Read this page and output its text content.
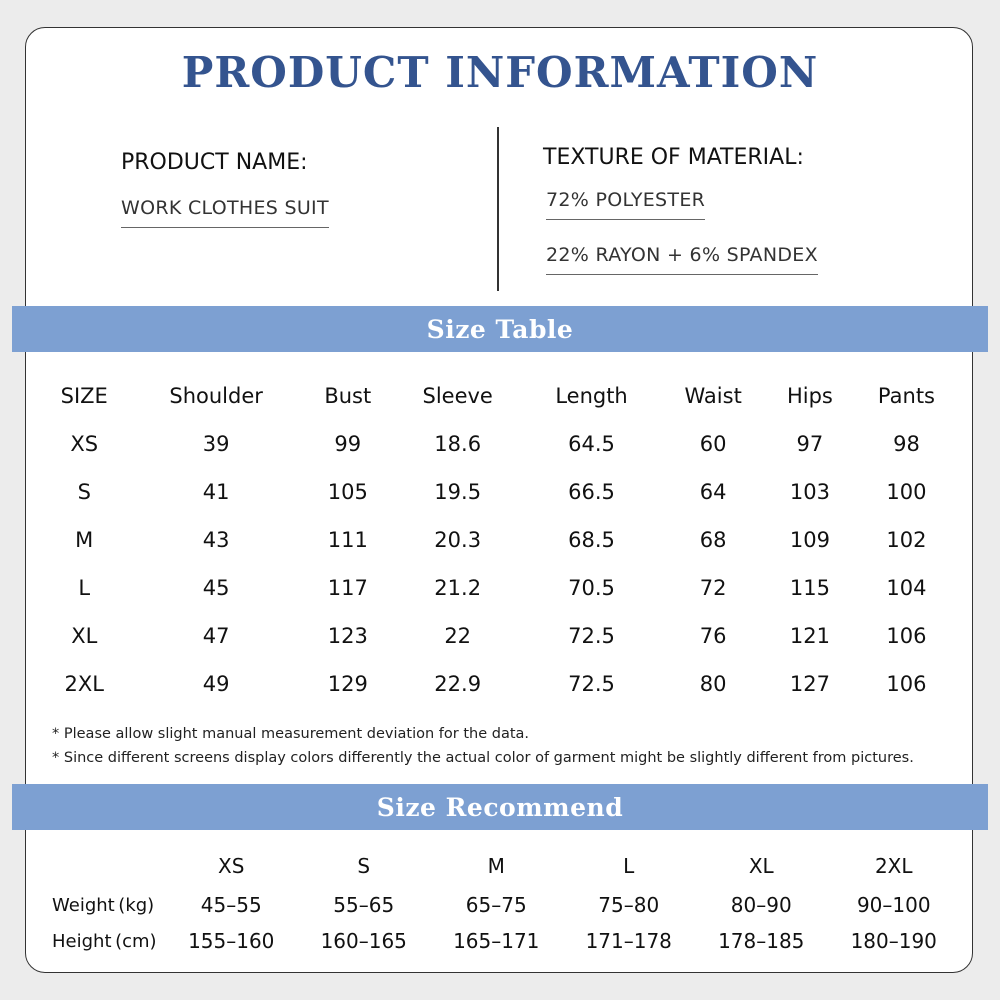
PRODUCT INFORMATION
PRODUCT NAME:
WORK CLOTHES SUIT
TEXTURE OF MATERIAL:
72% POLYESTER
22% RAYON + 6% SPANDEX
Size Table
SIZE	Shoulder	Bust	Sleeve	Length	Waist	Hips	Pants
XS	39	99	18.6	64.5	60	97	98
S	41	105	19.5	66.5	64	103	100
M	43	111	20.3	68.5	68	109	102
L	45	117	21.2	70.5	72	115	104
XL	47	123	22	72.5	76	121	106
2XL	49	129	22.9	72.5	80	127	106
* Please allow slight manual measurement deviation for the data.
* Since different screens display colors differently the actual color of garment might be slightly different from pictures.
Size Recommend
	XS	S	M	L	XL	2XL
Weight (kg)	45–55	55–65	65–75	75–80	80–90	90–100
Height (cm)	155–160	160–165	165–171	171–178	178–185	180–190
